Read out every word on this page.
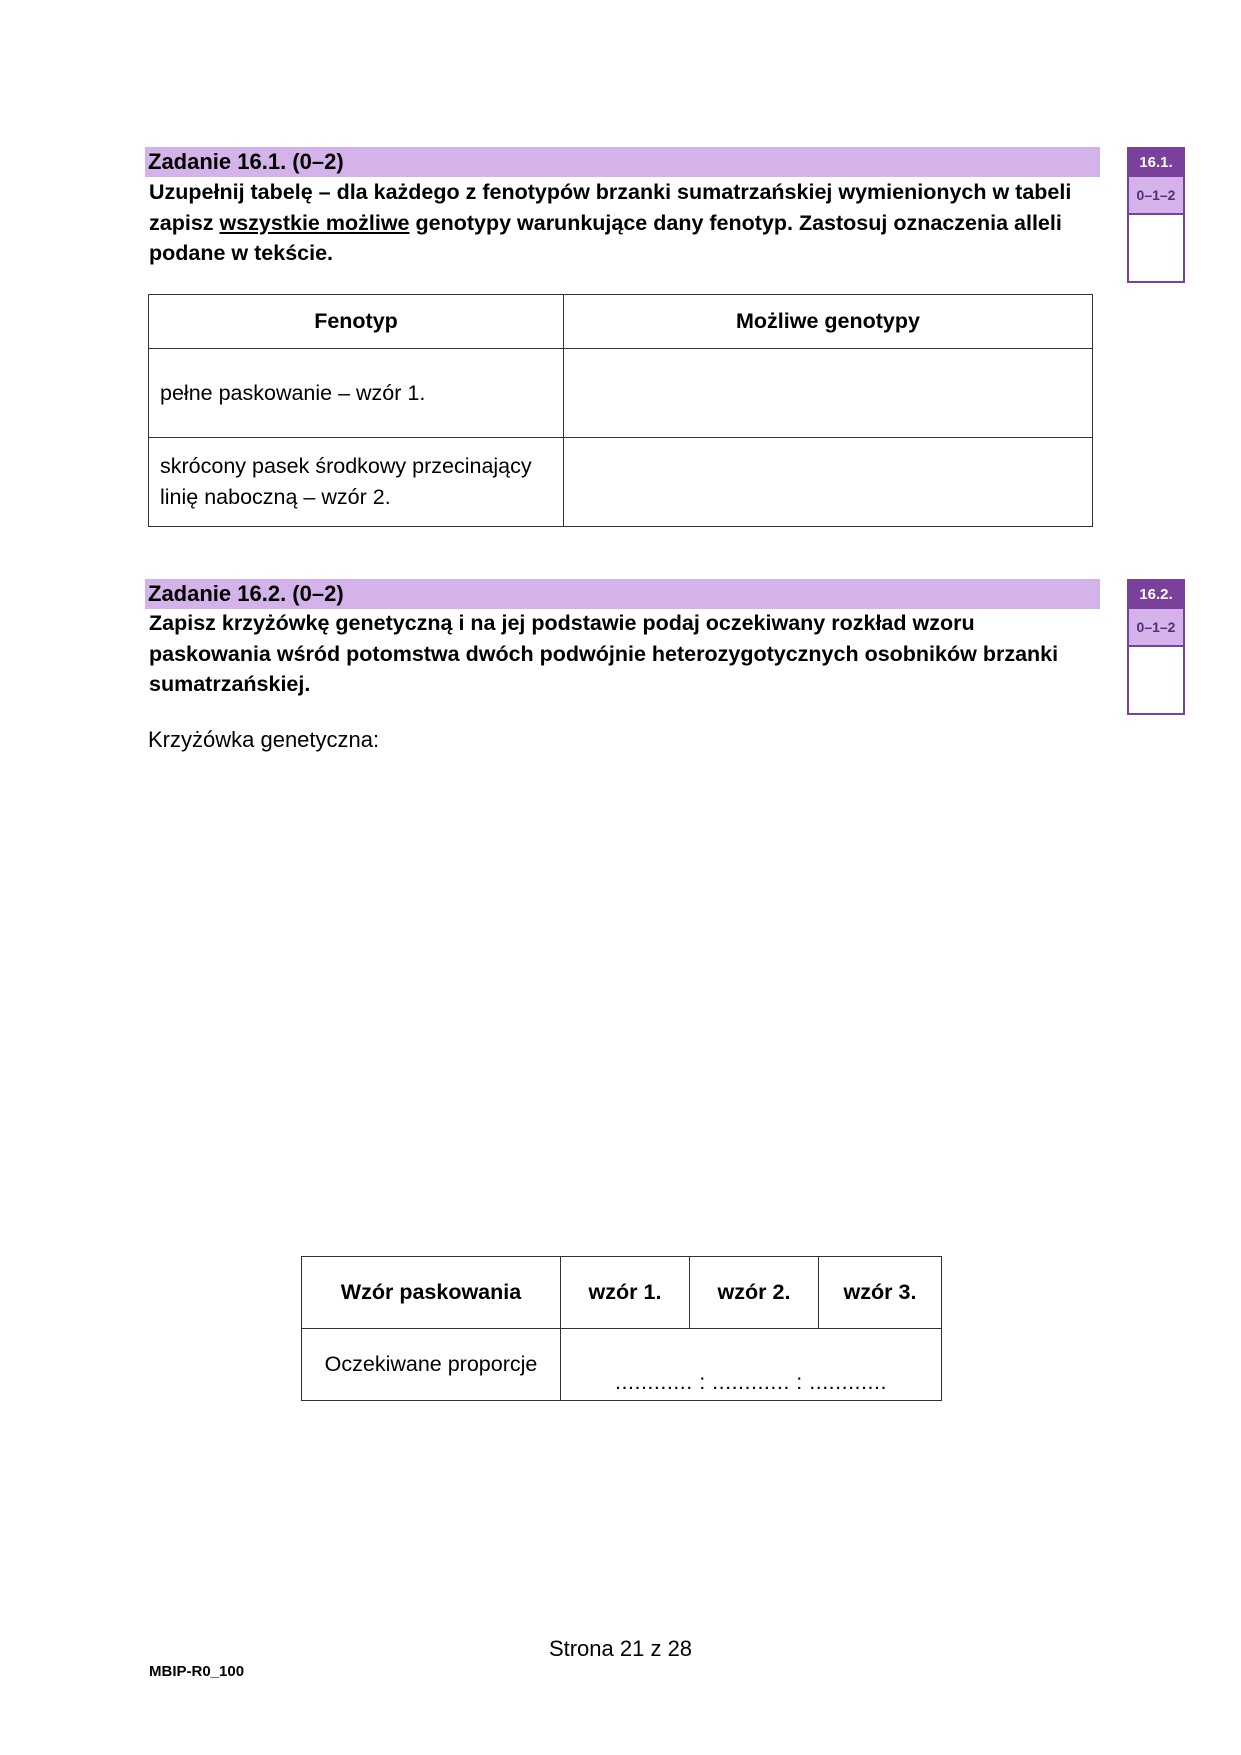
Zadanie 16.1. (0–2)
Uzupełnij tabelę – dla każdego z fenotypów brzanki sumatrzańskiej wymienionych w tabeli zapisz wszystkie możliwe genotypy warunkujące dany fenotyp. Zastosuj oznaczenia alleli podane w tekście.
16.1.
0–1–2
Fenotyp	Możliwe genotypy
pełne paskowanie – wzór 1.	
skrócony pasek środkowy przecinający linię naboczną – wzór 2.	
Zadanie 16.2. (0–2)
Zapisz krzyżówkę genetyczną i na jej podstawie podaj oczekiwany rozkład wzoru paskowania wśród potomstwa dwóch podwójnie heterozygotycznych osobników brzanki sumatrzańskiej.
16.2.
0–1–2
Krzyżówka genetyczna:
Wzór paskowania	wzór 1.	wzór 2.	wzór 3.
Oczekiwane proporcje	............ : ............ : ............		
Strona 21 z 28
MBIP-R0_100
